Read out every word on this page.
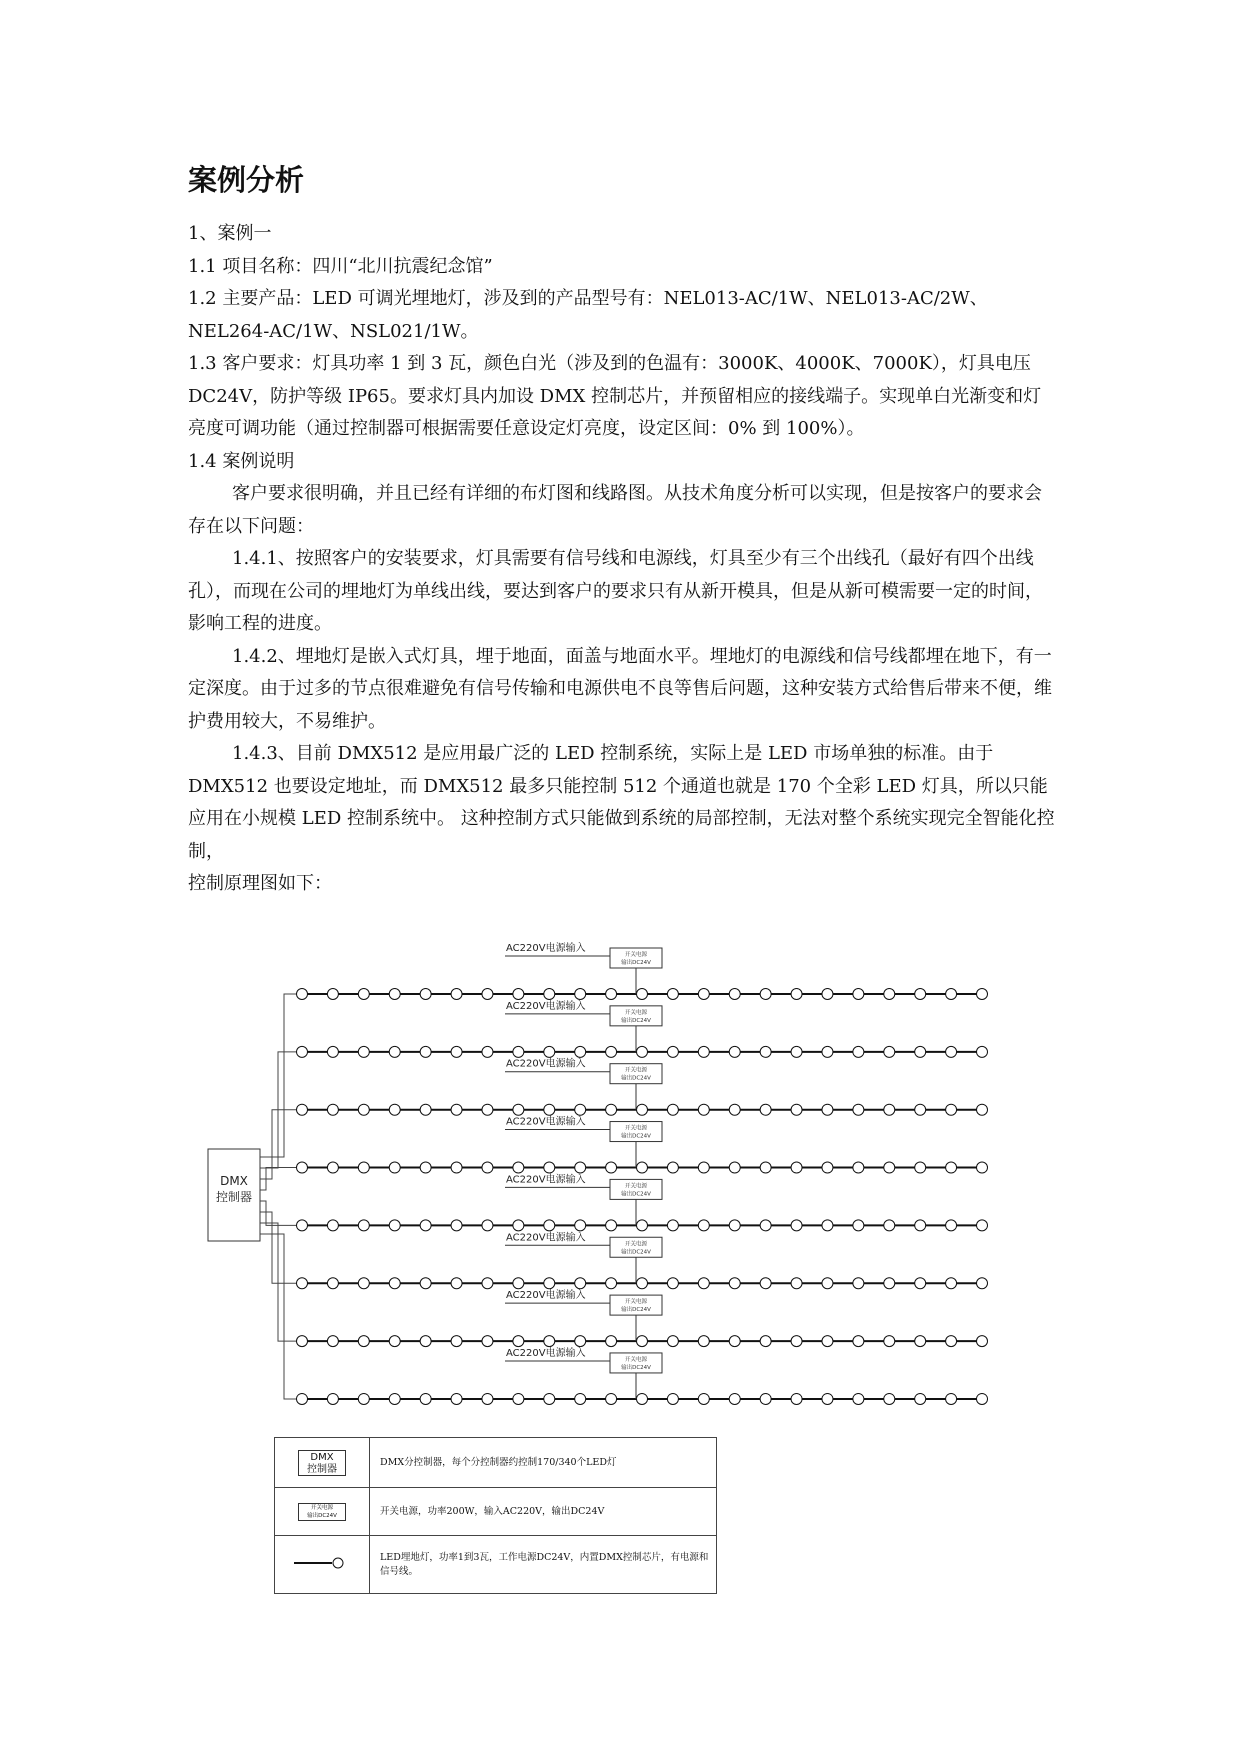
案例分析

1、案例一

1.1 项目名称：四川“北川抗震纪念馆”

1.2 主要产品：LED 可调光埋地灯，涉及到的产品型号有：NEL013-AC/1W、NEL013-AC/2W、NEL264-AC/1W、NSL021/1W。

1.3 客户要求：灯具功率 1 到 3 瓦，颜色白光（涉及到的色温有：3000K、4000K、7000K），灯具电压 DC24V，防护等级 IP65。要求灯具内加设 DMX 控制芯片，并预留相应的接线端子。实现单白光渐变和灯亮度可调功能（通过控制器可根据需要任意设定灯亮度，设定区间：0% 到 100%）。

1.4 案例说明

客户要求很明确，并且已经有详细的布灯图和线路图。从技术角度分析可以实现，但是按客户的要求会存在以下问题：

1.4.1、按照客户的安装要求，灯具需要有信号线和电源线，灯具至少有三个出线孔（最好有四个出线孔），而现在公司的埋地灯为单线出线，要达到客户的要求只有从新开模具，但是从新可模需要一定的时间，影响工程的进度。

1.4.2、埋地灯是嵌入式灯具，埋于地面，面盖与地面水平。埋地灯的电源线和信号线都埋在地下，有一定深度。由于过多的节点很难避免有信号传输和电源供电不良等售后问题，这种安装方式给售后带来不便，维护费用较大，不易维护。

1.4.3、目前 DMX512 是应用最广泛的 LED 控制系统，实际上是 LED 市场单独的标准。由于 DMX512 也要设定地址，而 DMX512 最多只能控制 512 个通道也就是 170 个全彩 LED 灯具，所以只能应用在小规模 LED 控制系统中。 这种控制方式只能做到系统的局部控制，无法对整个系统实现完全智能化控制，

控制原理图如下：

DMX
控制器
AC220V电源输入
开关电源
输出DC24V
AC220V电源输入
开关电源
输出DC24V
AC220V电源输入
开关电源
输出DC24V
AC220V电源输入
开关电源
输出DC24V
AC220V电源输入
开关电源
输出DC24V
AC220V电源输入
开关电源
输出DC24V
AC220V电源输入
开关电源
输出DC24V
AC220V电源输入
开关电源
输出DC24V
DMX
控制器	DMX分控制器，每个分控制器约控制170/340个LED灯
开关电源
输出DC24V	开关电源，功率200W，输入AC220V，输出DC24V
	LED埋地灯，功率1到3瓦，工作电源DC24V，内置DMX控制芯片，有电源和信号线。
